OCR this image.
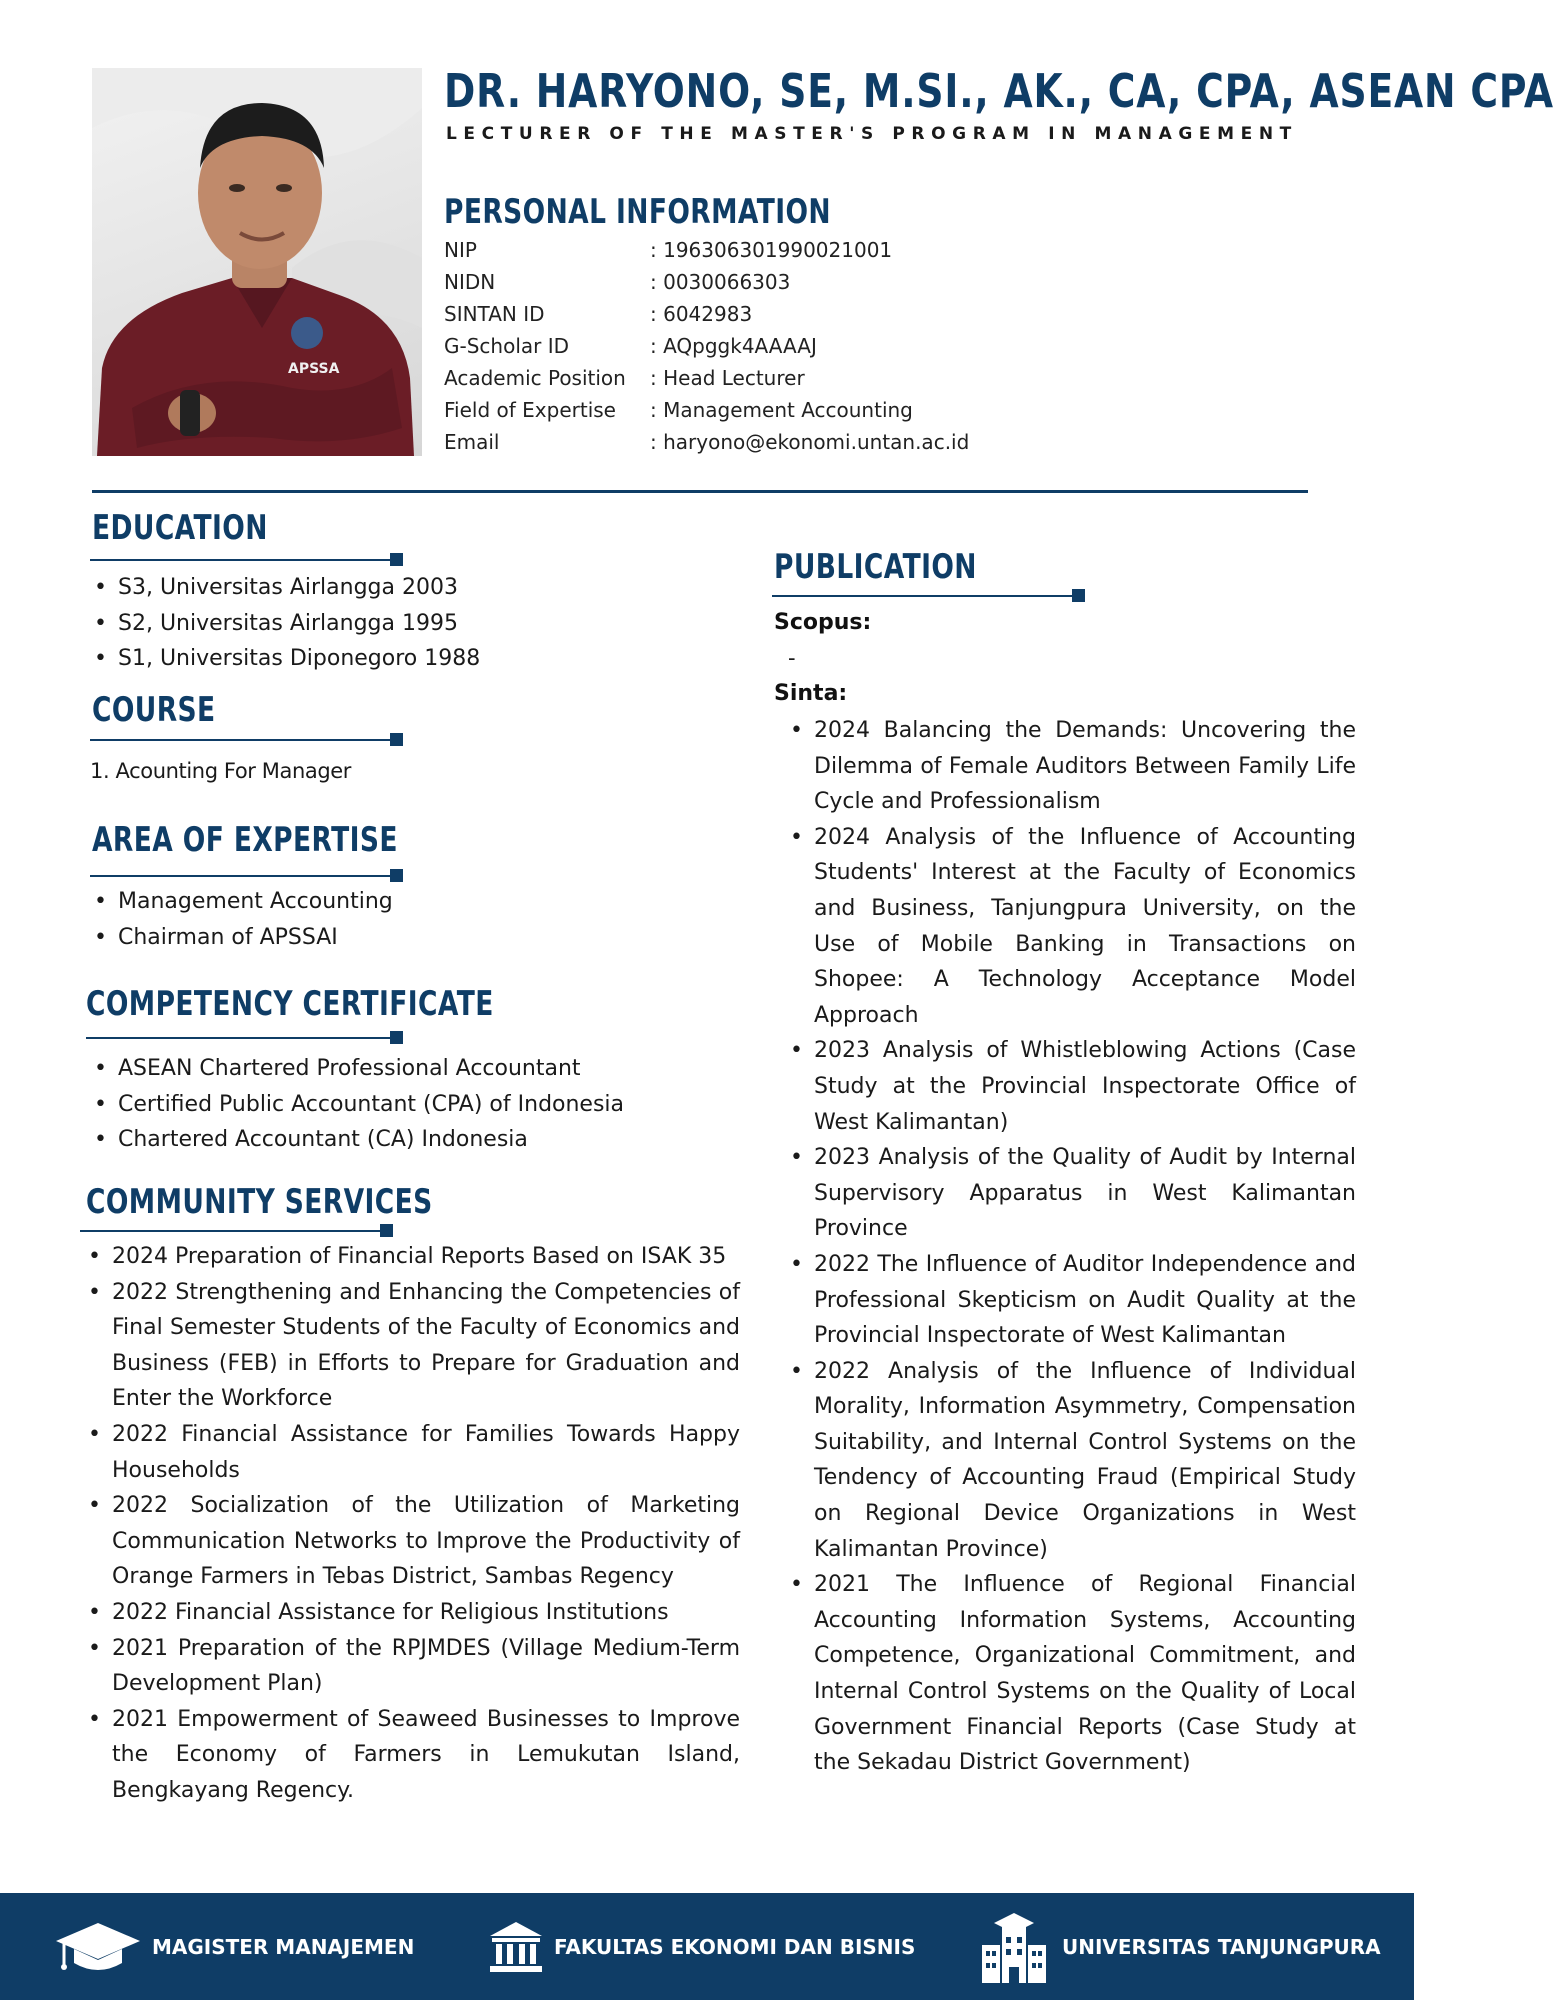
APSSA
DR. HARYONO, SE, M.SI., AK., CA, CPA, ASEAN CPA
LECTURER OF THE MASTER'S PROGRAM IN MANAGEMENT
PERSONAL INFORMATION
NIP	: 196306301990021001
NIDN	: 0030066303
SINTAN ID	: 6042983
G-Scholar ID	: AQpggk4AAAAJ
Academic Position	: Head Lecturer
Field of Expertise	: Management Accounting
Email	: haryono@ekonomi.untan.ac.id
EDUCATION
• S3, Universitas Airlangga 2003
• S2, Universitas Airlangga 1995
• S1, Universitas Diponegoro 1988
COURSE
1. Acounting For Manager
AREA OF EXPERTISE
• Management Accounting
• Chairman of APSSAI
COMPETENCY CERTIFICATE
• ASEAN Chartered Professional Accountant
• Certified Public Accountant (CPA) of Indonesia
• Chartered Accountant (CA) Indonesia
COMMUNITY SERVICES
• 2024 Preparation of Financial Reports Based on ISAK 35
• 2022 Strengthening and Enhancing the Competencies of Final Semester Students of the Faculty of Economics and Business (FEB) in Efforts to Prepare for Graduation and Enter the Workforce
• 2022 Financial Assistance for Families Towards Happy Households
• 2022 Socialization of the Utilization of Marketing Communication Networks to Improve the Productivity of Orange Farmers in Tebas District, Sambas Regency
• 2022 Financial Assistance for Religious Institutions
• 2021 Preparation of the RPJMDES (Village Medium-Term Development Plan)
• 2021 Empowerment of Seaweed Businesses to Improve the Economy of Farmers in Lemukutan Island, Bengkayang Regency.
PUBLICATION
Scopus:
-
Sinta:
• 2024 Balancing the Demands: Uncovering the Dilemma of Female Auditors Between Family Life Cycle and Professionalism
• 2024 Analysis of the Influence of Accounting Students' Interest at the Faculty of Economics and Business, Tanjungpura University, on the Use of Mobile Banking in Transactions on Shopee: A Technology Acceptance Model Approach
• 2023 Analysis of Whistleblowing Actions (Case Study at the Provincial Inspectorate Office of West Kalimantan)
• 2023 Analysis of the Quality of Audit by Internal Supervisory Apparatus in West Kalimantan Province
• 2022 The Influence of Auditor Independence and Professional Skepticism on Audit Quality at the Provincial Inspectorate of West Kalimantan
• 2022 Analysis of the Influence of Individual Morality, Information Asymmetry, Compensation Suitability, and Internal Control Systems on the Tendency of Accounting Fraud (Empirical Study on Regional Device Organizations in West Kalimantan Province)
• 2021 The Influence of Regional Financial Accounting Information Systems, Accounting Competence, Organizational Commitment, and Internal Control Systems on the Quality of Local Government Financial Reports (Case Study at the Sekadau District Government)
MAGISTER MANAJEMEN	FAKULTAS EKONOMI DAN BISNIS	UNIVERSITAS TANJUNGPURA
